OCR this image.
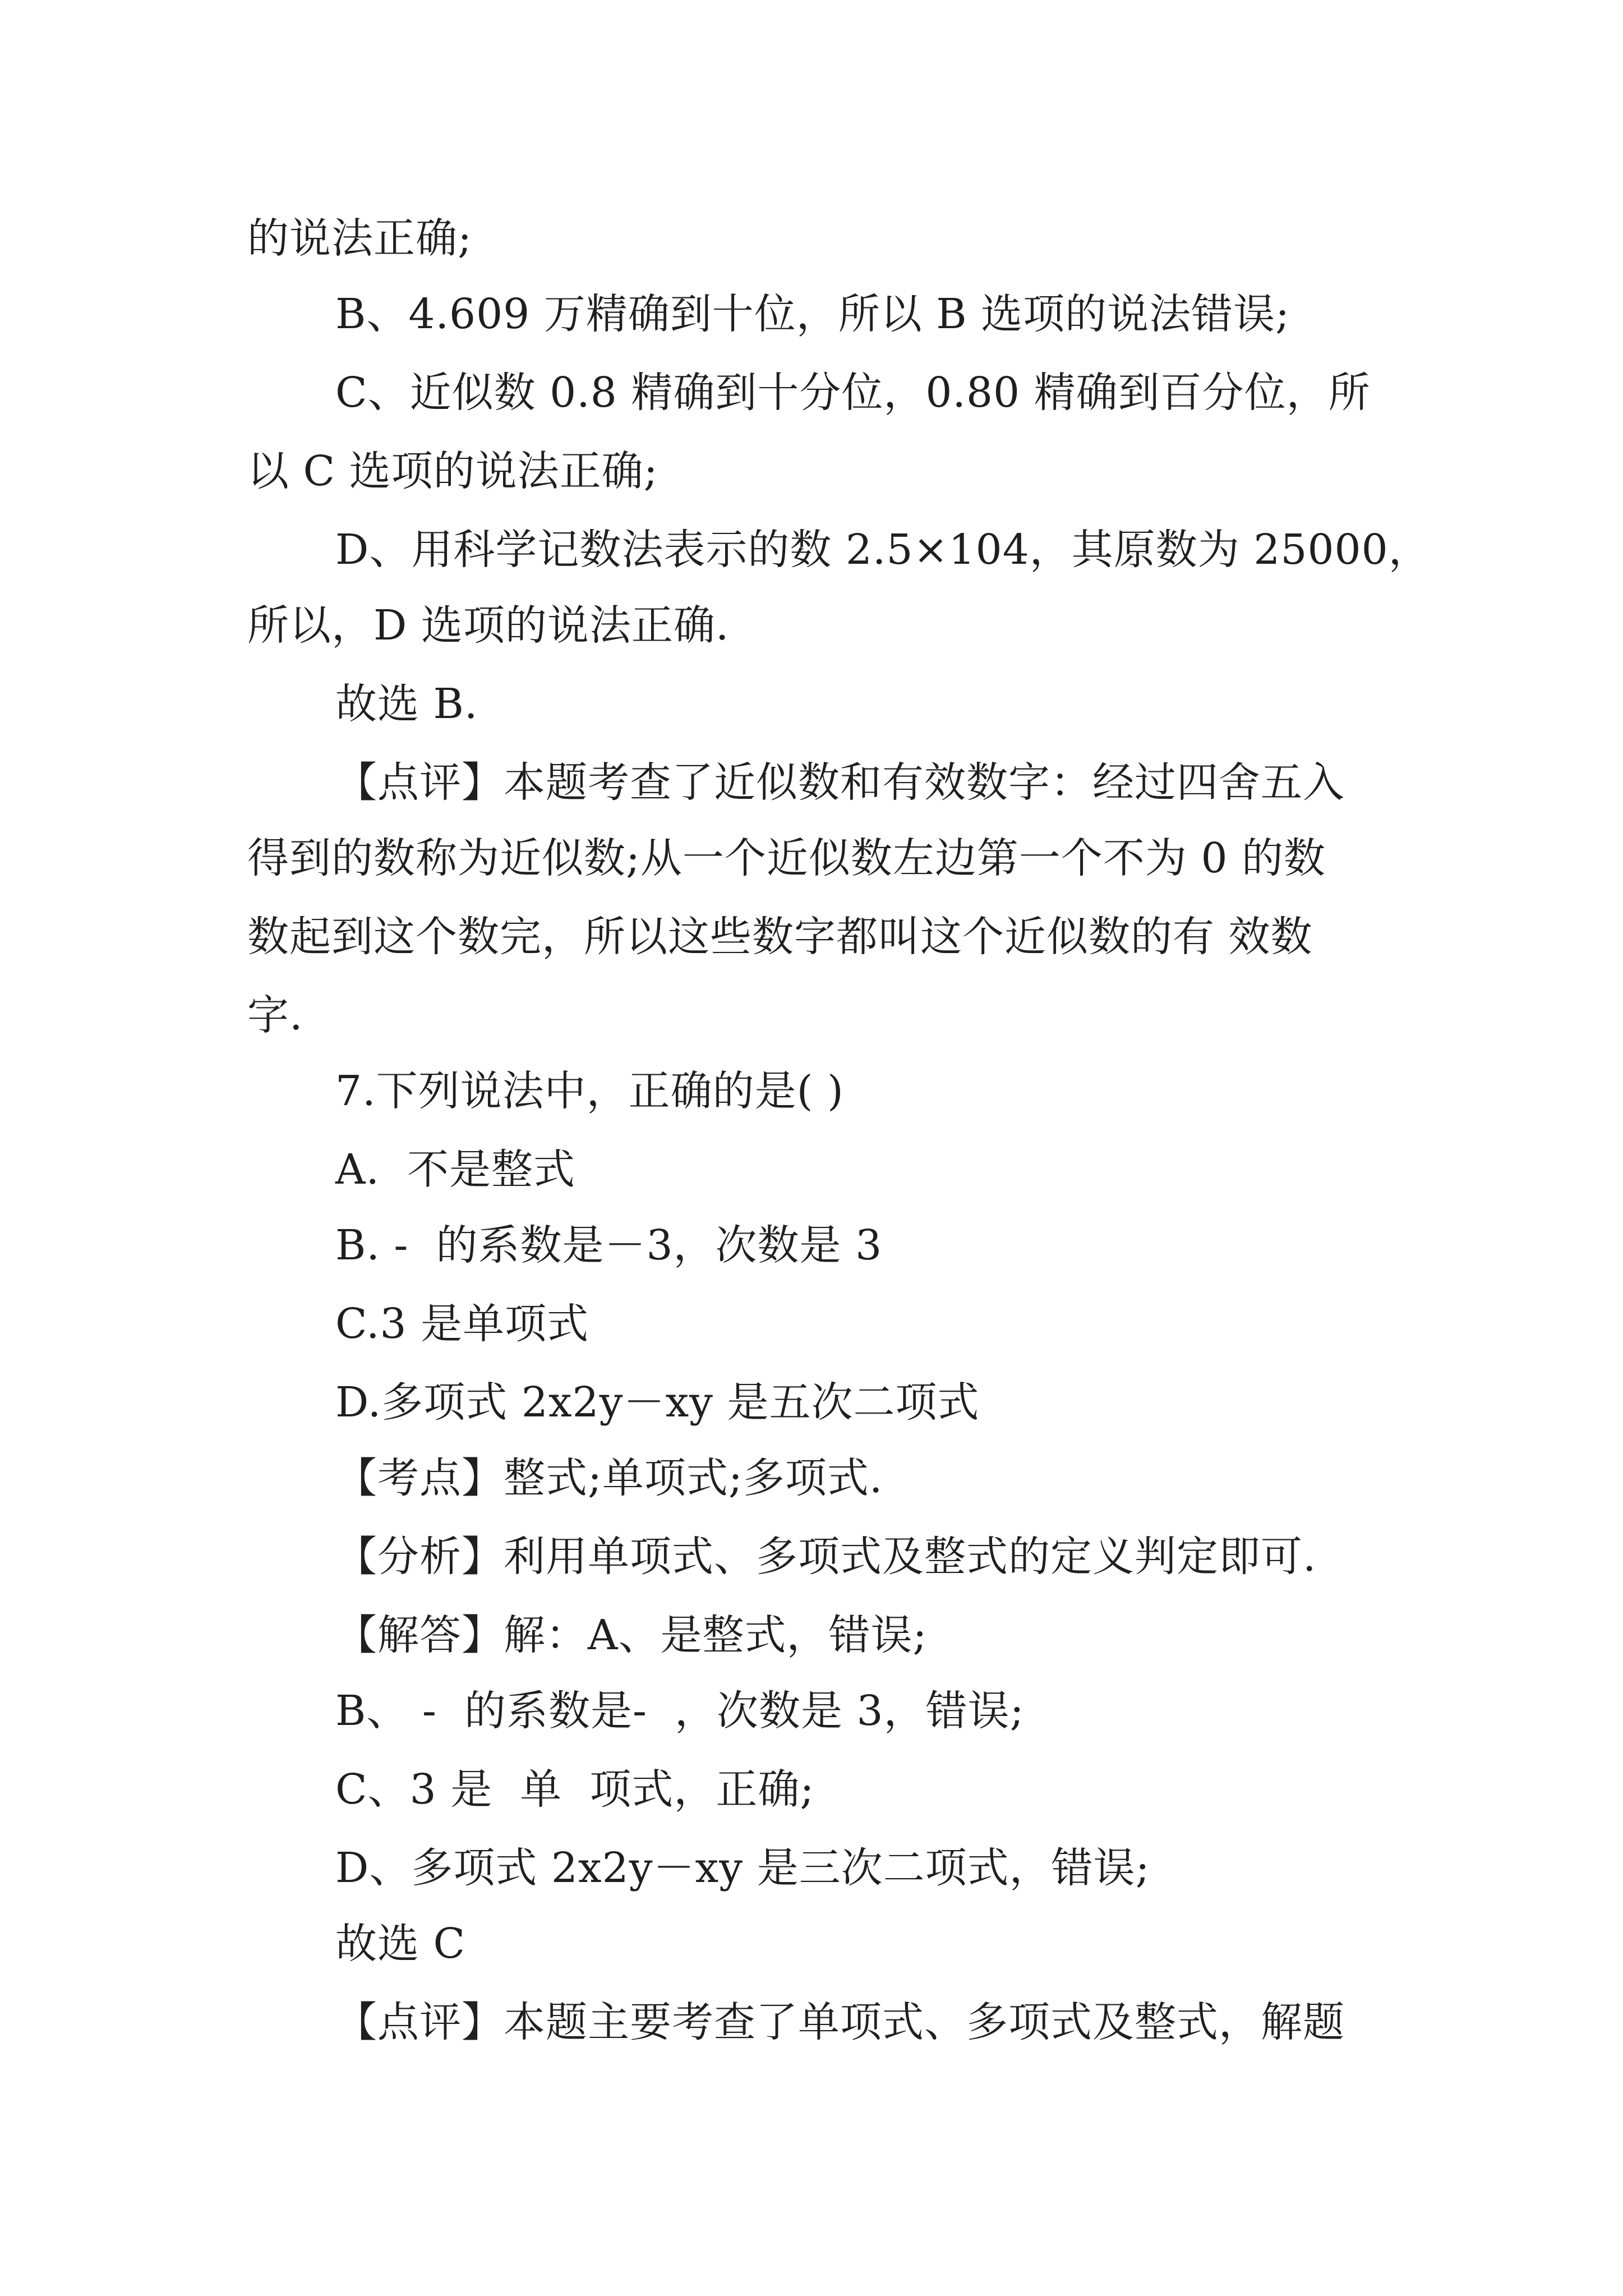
的说法正确;
B、4.609 万精确到十位，所以 B 选项的说法错误;
C、近似数 0.8 精确到十分位，0.80 精确到百分位，所
以 C 选项的说法正确;
D、用科学记数法表示的数 2.5×104，其原数为 25000，
所以，D 选项的说法正确.
故选 B.
【点评】本题考查了近似数和有效数字：经过四舍五入
得到的数称为近似数;从一个近似数左边第一个不为 0 的数
数起到这个数完，所以这些数字都叫这个近似数的有 效数
字.
7.下列说法中，正确的是( )
A.  不是整式
B. -  的系数是－3，次数是 3
C.3 是单项式
D.多项式 2x2y－xy 是五次二项式
【考点】整式;单项式;多项式.
【分析】利用单项式、多项式及整式的定义判定即可.
【解答】解：A、是整式，错误;
B、 -  的系数是-  ，次数是 3，错误;
C、3 是  单  项式，正确;
D、多项式 2x2y－xy 是三次二项式，错误;
故选 C
【点评】本题主要考查了单项式、多项式及整式，解题
